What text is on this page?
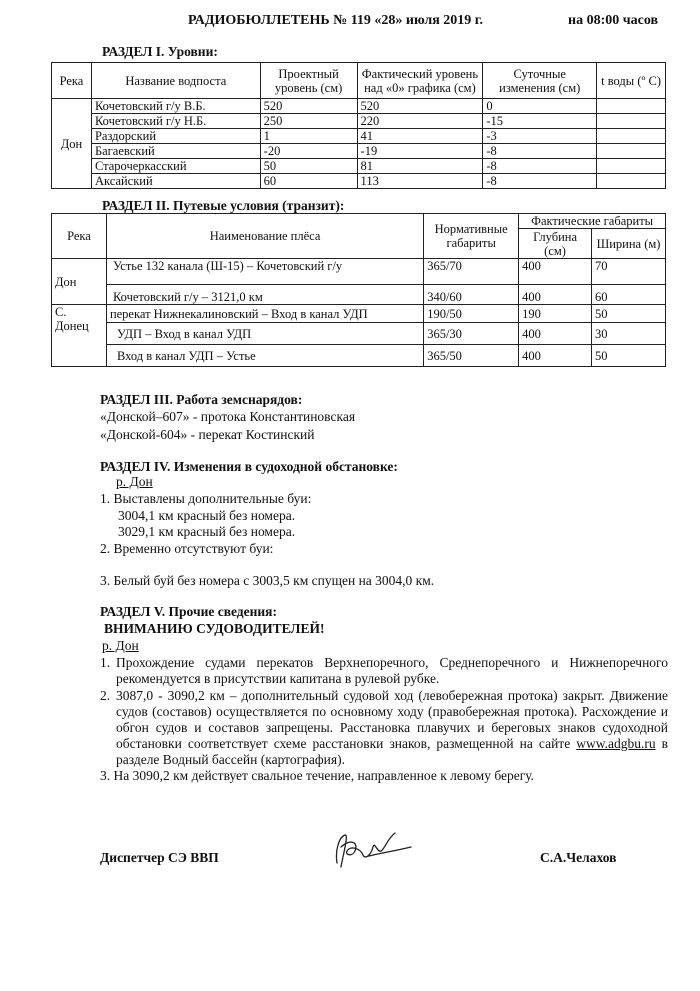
РАДИОБЮЛЛЕТЕНЬ № 119 «28» июля 2019 г.	на 08:00 часов
РАЗДЕЛ I. Уровни:
Река	Название водпоста	Проектный уровень (см)	Фактический уровень над «0» графика (см)	Суточные изменения (см)	t воды (º С)
Дон	Кочетовский г/у В.Б.	520	520	0	
	Кочетовский г/у Н.Б.	250	220	-15	
	Раздорский	1	41	-3	
	Багаевский	-20	-19	-8	
	Старочеркасский	50	81	-8	
	Аксайский	60	113	-8	
РАЗДЕЛ II. Путевые условия (транзит):
Река	Наименование плёса	Нормативные габариты	Фактические габариты	
			Глубина (см)	Ширина (м)
Дон	Устье 132 канала (Ш-15) – Кочетовский г/у	365/70	400	70
	Кочетовский г/у – 3121,0 км	340/60	400	60
С. Донец	перекат Нижнекалиновский – Вход в канал УДП	190/50	190	50
	УДП – Вход в канал УДП	365/30	400	30
	Вход в канал УДП – Устье	365/50	400	50
РАЗДЕЛ III. Работа земснарядов:
«Донской–607» - протока Константиновская
«Донской-604» - перекат Костинский
РАЗДЕЛ IV. Изменения в судоходной обстановке:
р. Дон
1. Выставлены дополнительные буи:
3004,1 км красный без номера.
3029,1 км красный без номера.
2. Временно отсутствуют буи:
3. Белый буй без номера с 3003,5 км спущен на 3004,0 км.
РАЗДЕЛ V. Прочие сведения:
ВНИМАНИЮ СУДОВОДИТЕЛЕЙ!
р. Дон
1. Прохождение судами перекатов Верхнепоречного, Среднепоречного и Нижнепоречного рекомендуется в присутствии капитана в рулевой рубке.
2. 3087,0 - 3090,2 км – дополнительный судовой ход (левобережная протока) закрыт. Движение судов (составов) осуществляется по основному ходу (правобережная протока). Расхождение и обгон судов и составов запрещены. Расстановка плавучих и береговых знаков судоходной обстановки соответствует схеме расстановки знаков, размещенной на сайте www.adgbu.ru в разделе Водный бассейн (картография).
3. На 3090,2 км действует свальное течение, направленное к левому берегу.
Диспетчер СЭ ВВП	С.А.Челахов
